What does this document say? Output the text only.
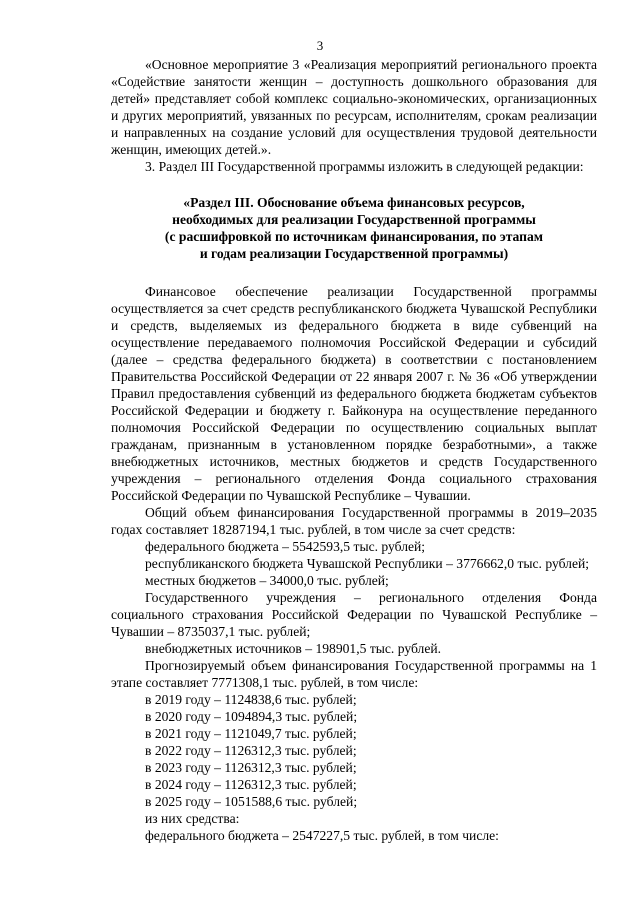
3

«Основное мероприятие 3 «Реализация мероприятий регионального проекта «Содействие занятости женщин – доступность дошкольного образования для детей» представляет собой комплекс социально-экономических, организационных и других мероприятий, увязанных по ресурсам, исполнителям, срокам реализации и направленных на создание условий для осуществления трудовой деятельности женщин, имеющих детей.».

3. Раздел III Государственной программы изложить в следующей редакции:

«Раздел III. Обоснование объема финансовых ресурсов,
необходимых для реализации Государственной программы
(с расшифровкой по источникам финансирования, по этапам
и годам реализации Государственной программы)

Финансовое обеспечение реализации Государственной программы осуществляется за счет средств республиканского бюджета Чувашской Республики и средств, выделяемых из федерального бюджета в виде субвенций на осуществление передаваемого полномочия Российской Федерации и субсидий (далее – средства федерального бюджета) в соответствии с постановлением Правительства Российской Федерации от 22 января 2007 г. № 36 «Об утверждении Правил предоставления субвенций из федерального бюджета бюджетам субъектов Российской Федерации и бюджету г. Байконура на осуществление переданного полномочия Российской Федерации по осуществлению социальных выплат гражданам, признанным в установленном порядке безработными», а также внебюджетных источников, местных бюджетов и средств Государственного учреждения – регионального отделения Фонда социального страхования Российской Федерации по Чувашской Республике – Чувашии.

Общий объем финансирования Государственной программы в 2019–2035 годах составляет 18287194,1 тыс. рублей, в том числе за счет средств:

федерального бюджета – 5542593,5 тыс. рублей;

республиканского бюджета Чувашской Республики – 3776662,0 тыс. рублей;

местных бюджетов – 34000,0 тыс. рублей;

Государственного учреждения – регионального отделения Фонда социального страхования Российской Федерации по Чувашской Республике – Чувашии – 8735037,1 тыс. рублей;

внебюджетных источников – 198901,5 тыс. рублей.

Прогнозируемый объем финансирования Государственной программы на 1 этапе составляет 7771308,1 тыс. рублей, в том числе:

в 2019 году – 1124838,6 тыс. рублей;
в 2020 году – 1094894,3 тыс. рублей;
в 2021 году – 1121049,7 тыс. рублей;
в 2022 году – 1126312,3 тыс. рублей;
в 2023 году – 1126312,3 тыс. рублей;
в 2024 году – 1126312,3 тыс. рублей;
в 2025 году – 1051588,6 тыс. рублей;

из них средства:

федерального бюджета – 2547227,5 тыс. рублей, в том числе:
